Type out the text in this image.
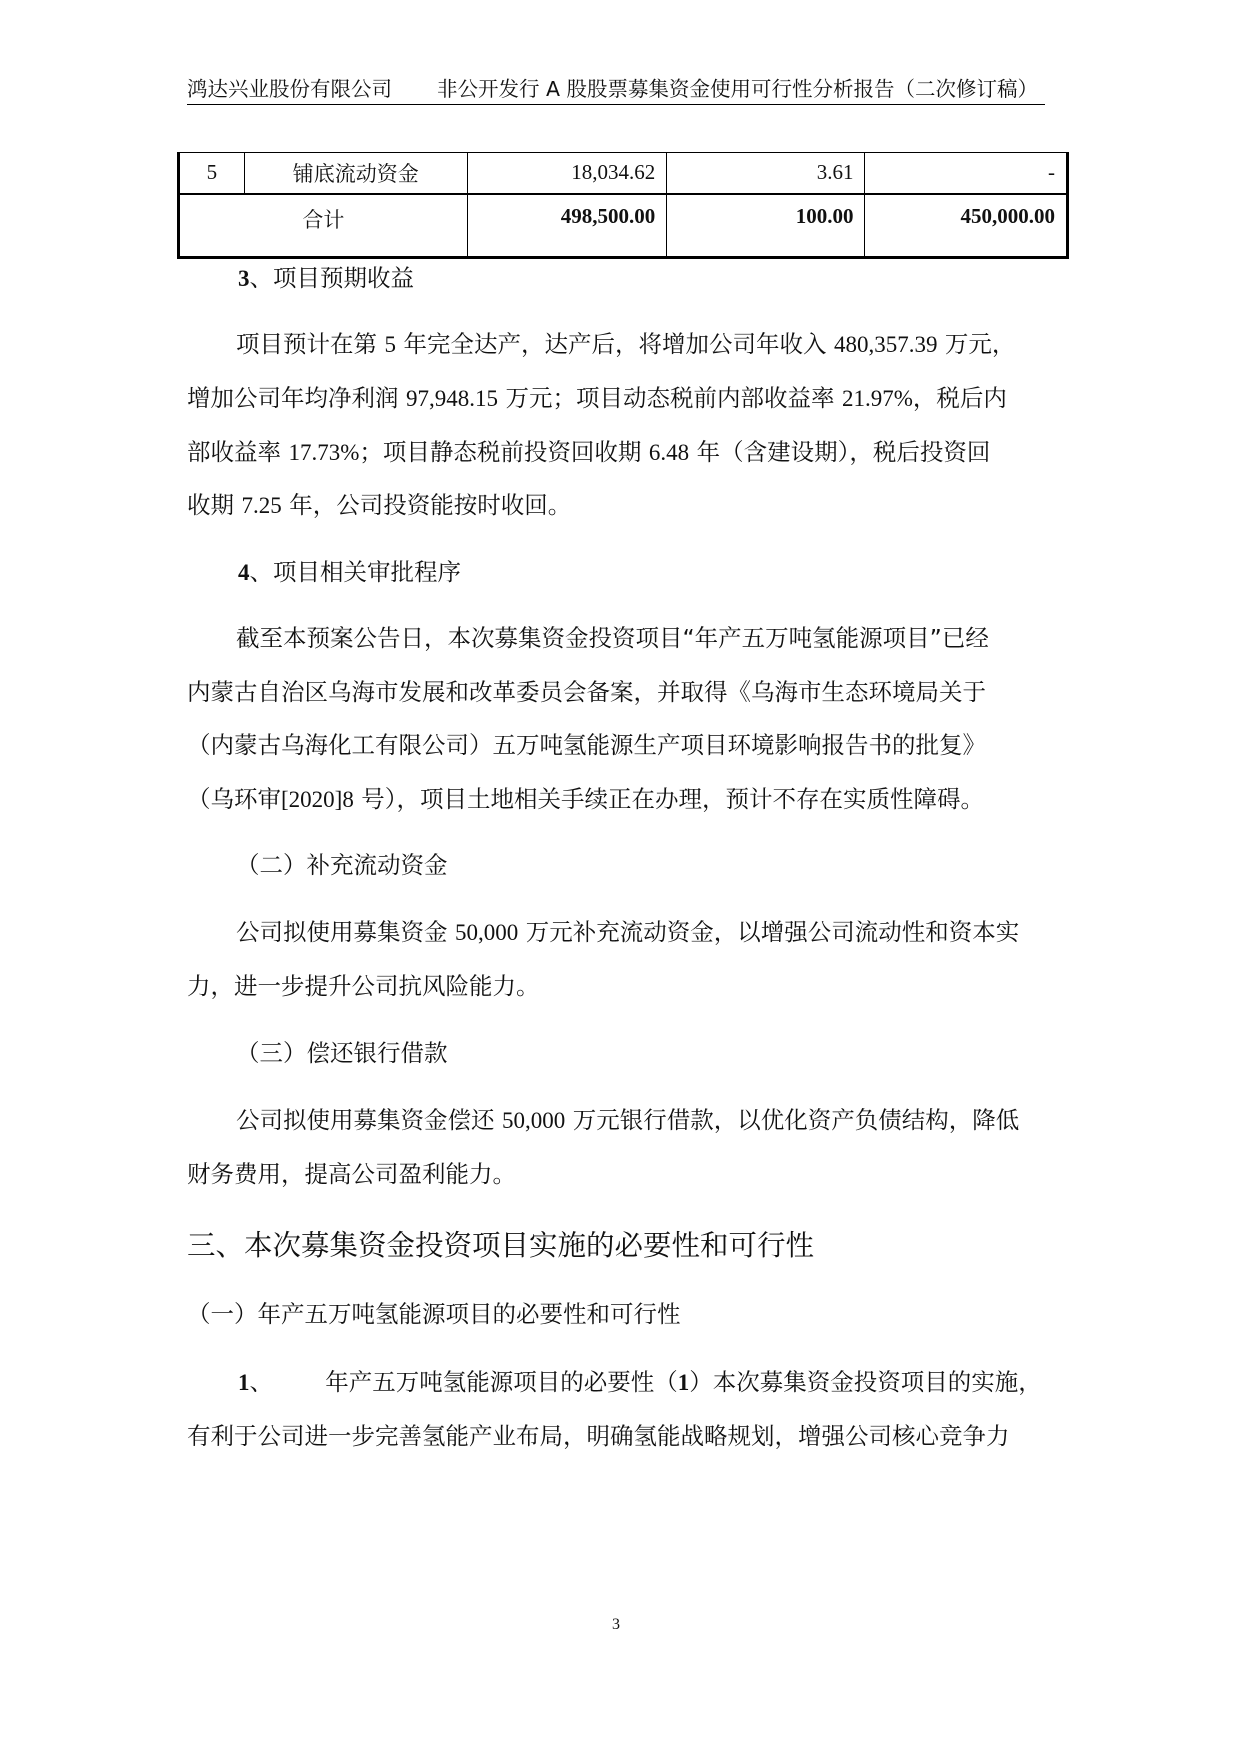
鸿达兴业股份有限公司 非公开发行 A 股股票募集资金使用可行性分析报告（二次修订稿）
5	铺底流动资金	18,034.62	3.61	-
合计		498,500.00	100.00	450,000.00
3、项目预期收益
项目预计在第 5 年完全达产，达产后，将增加公司年收入 480,357.39 万元，
增加公司年均净利润 97,948.15 万元；项目动态税前内部收益率 21.97%，税后内
部收益率 17.73%；项目静态税前投资回收期 6.48 年（含建设期），税后投资回
收期 7.25 年，公司投资能按时收回。
4、项目相关审批程序
截至本预案公告日，本次募集资金投资项目“年产五万吨氢能源项目”已经
内蒙古自治区乌海市发展和改革委员会备案，并取得《乌海市生态环境局关于
（内蒙古乌海化工有限公司）五万吨氢能源生产项目环境影响报告书的批复》
（乌环审[2020]8 号），项目土地相关手续正在办理，预计不存在实质性障碍。
（二）补充流动资金
公司拟使用募集资金 50,000 万元补充流动资金，以增强公司流动性和资本实
力，进一步提升公司抗风险能力。
（三）偿还银行借款
公司拟使用募集资金偿还 50,000 万元银行借款，以优化资产负债结构，降低
财务费用，提高公司盈利能力。
三、本次募集资金投资项目实施的必要性和可行性
（一）年产五万吨氢能源项目的必要性和可行性
1、       年产五万吨氢能源项目的必要性（1）本次募集资金投资项目的实施，
有利于公司进一步完善氢能产业布局，明确氢能战略规划，增强公司核心竞争力
3
